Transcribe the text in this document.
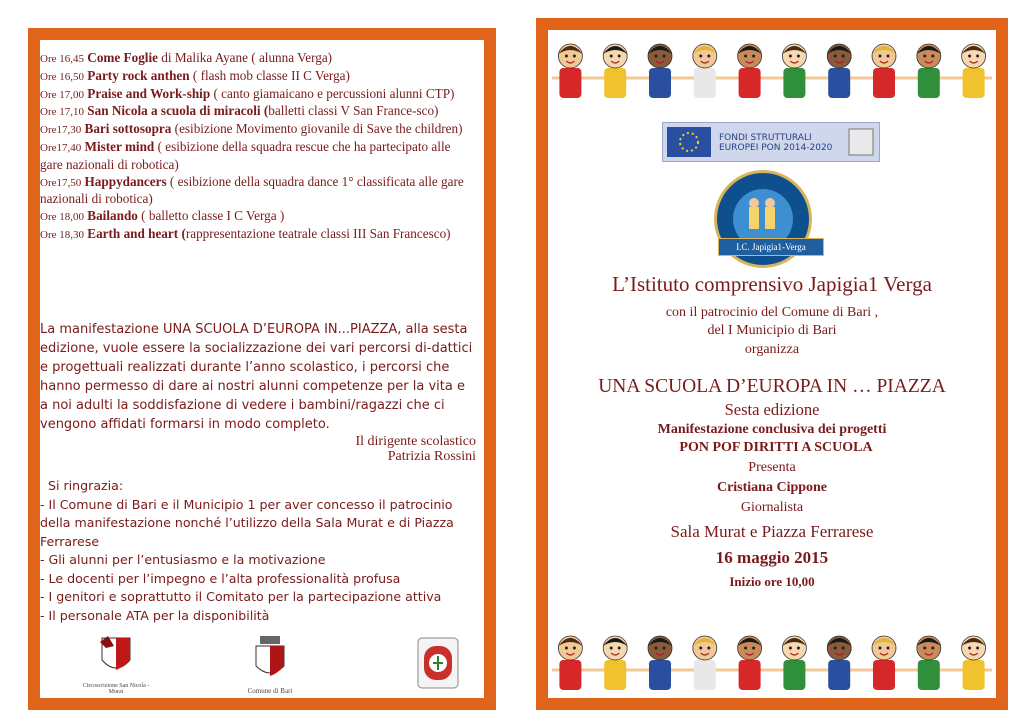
Ore 16,45 Come Foglie di Malika Ayane ( alunna Verga)
Ore 16,50 Party rock anthen ( flash mob classe II C Verga)
Ore 17,00 Praise and Work-ship ( canto giamaicano e percussioni alunni CTP)
Ore 17,10 San Nicola a scuola di miracoli (balletti classi V San France-sco)
Ore17,30 Bari sottosopra (esibizione Movimento giovanile di Save the children)
Ore17,40 Mister mind ( esibizione della squadra rescue che ha partecipato alle gare nazionali di robotica)
Ore17,50 Happydancers ( esibizione della squadra dance 1° classificata alle gare nazionali di robotica)
Ore 18,00 Bailando ( balletto classe I C Verga )
Ore 18,30 Earth and heart (rappresentazione teatrale classi III San Francesco)
La manifestazione UNA SCUOLA D’EUROPA IN...PIAZZA, alla sesta edizione, vuole essere la socializzazione dei vari percorsi di-dattici e progettuali realizzati durante l’anno scolastico, i percorsi che hanno permesso di dare ai nostri alunni competenze per la vita e a noi adulti la soddisfazione di vedere i bambini/ragazzi che ci vengono affidati formarsi in modo completo.
Il dirigente scolastico
Patrizia Rossini
Si ringrazia:
- Il Comune di Bari e il Municipio 1 per aver concesso il patrocinio della manifestazione nonché l’utilizzo della Sala Murat e di Piazza Ferrarese
- Gli alunni per l’entusiasmo e la motivazione
- Le docenti per l’impegno e l’alta professionalità profusa
- I genitori e soprattutto il Comitato per la partecipazione attiva
- Il personale ATA per la disponibilità
Circoscrizione San Nicola - Murat	Comune di Bari
FONDI STRUTTURALI EUROPEI PON 2014-2020
I.C. Japigia1-Verga
L’Istituto comprensivo Japigia1 Verga
con il patrocinio del Comune di Bari ,
del I Municipio di Bari
organizza
UNA SCUOLA D’EUROPA IN … PIAZZA
Sesta edizione
Manifestazione conclusiva dei progetti
PON POF DIRITTI A SCUOLA
Presenta
Cristiana Cippone
Giornalista
Sala Murat e Piazza Ferrarese
16 maggio 2015
Inizio ore 10,00
